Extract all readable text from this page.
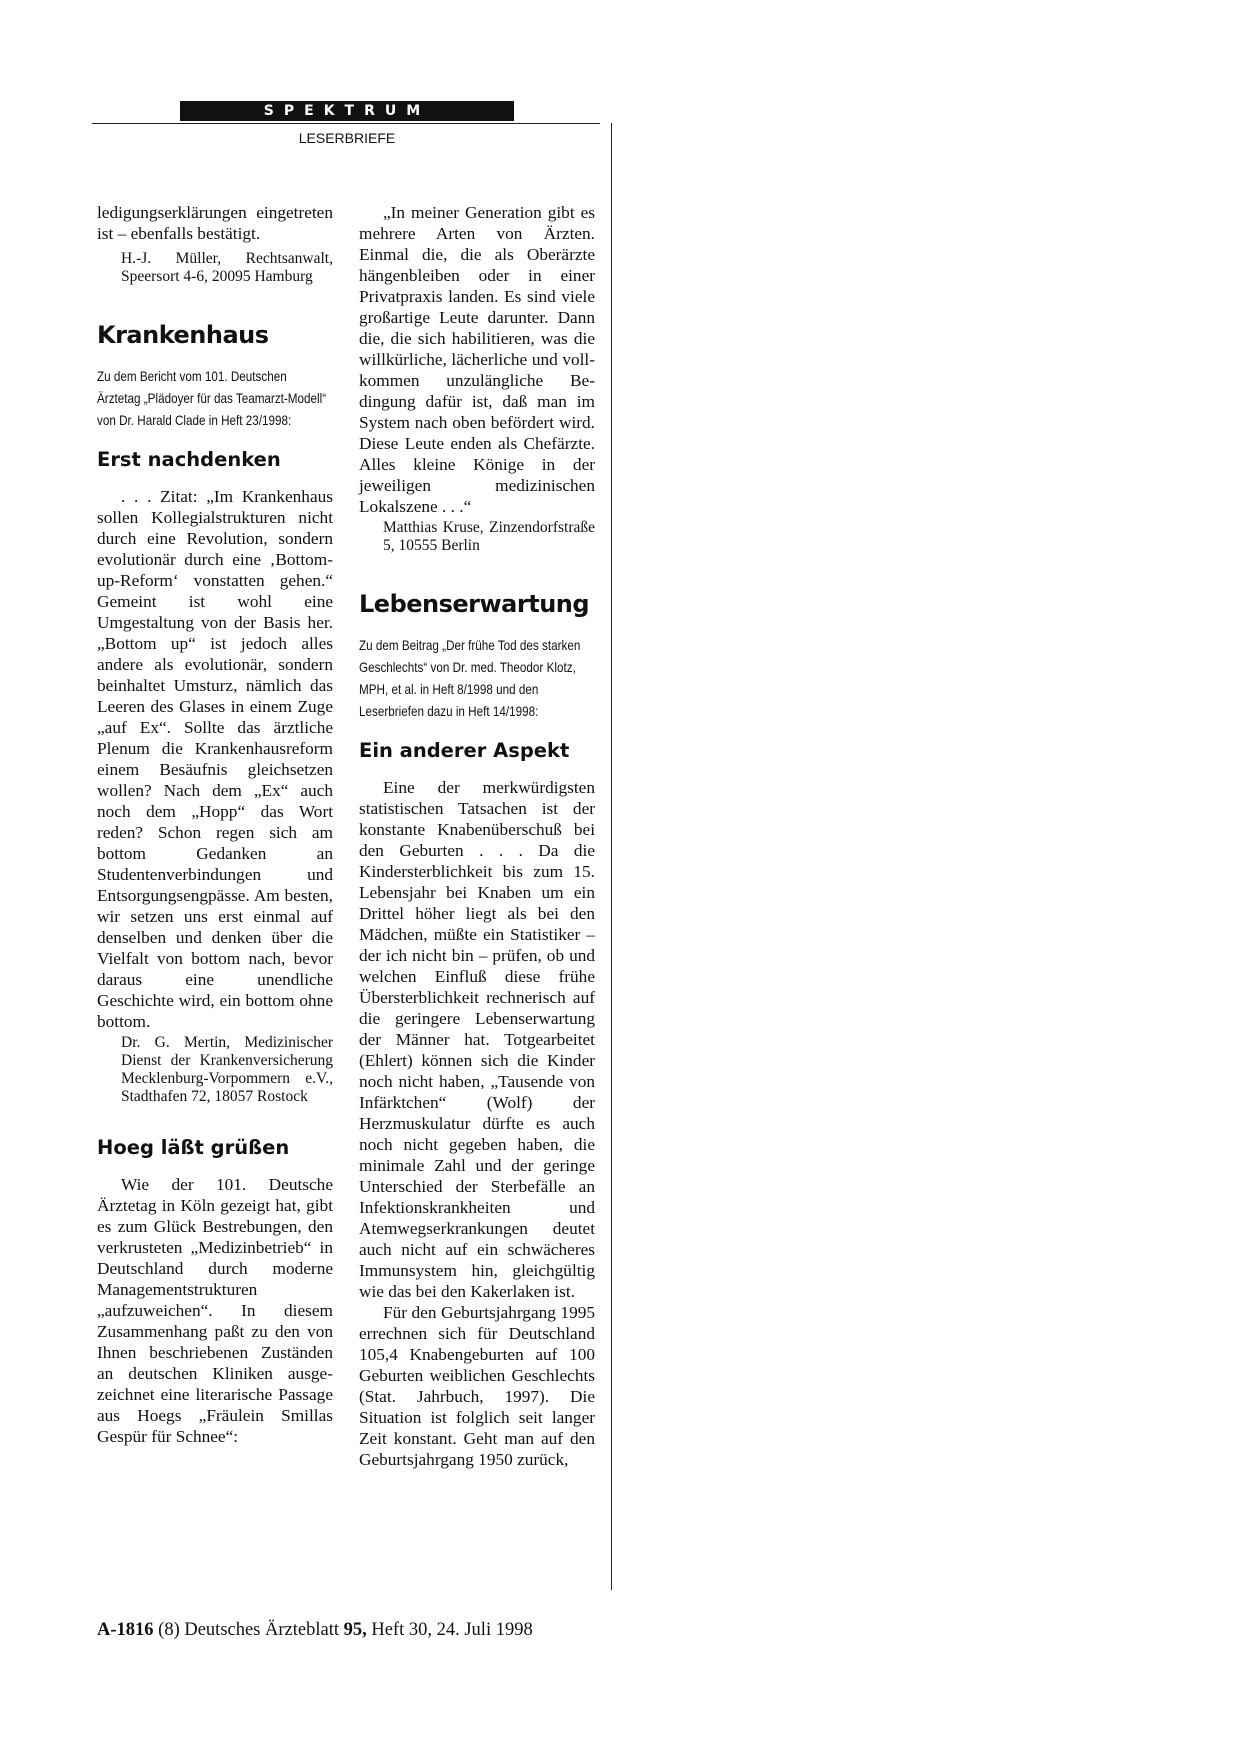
SPEKTRUM
LESERBRIEFE

ledigungserklärungen eingetreten ist – ebenfalls bestätigt.

H.-J. Müller, Rechtsanwalt, Speersort 4-6, 20095 Hamburg

Krankenhaus

Zu dem Bericht vom 101. Deutschen Ärztetag „Plädoyer für das Teamarzt-Modell“ von Dr. Harald Clade in Heft 23/1998:

Erst nachdenken

. . . Zitat: „Im Krankenhaus sollen Kollegialstrukturen nicht durch eine Revolution, sondern evolutionär durch eine ‚Bottom-up-Reform‘ vonstatten gehen.“ Gemeint ist wohl eine Umgestaltung von der Basis her. „Bottom up“ ist jedoch alles andere als evolutionär, sondern beinhaltet Umsturz, nämlich das Leeren des Glases in einem Zuge „auf Ex“. Sollte das ärztliche Plenum die Krankenhausreform einem Besäufnis gleichsetzen wollen? Nach dem „Ex“ auch noch dem „Hopp“ das Wort reden? Schon regen sich am bottom Gedanken an Studentenverbindungen und Entsorgungsengpässe. Am besten, wir setzen uns erst einmal auf denselben und denken über die Vielfalt von bottom nach, bevor daraus eine unendliche Geschichte wird, ein bottom ohne bottom.

Dr. G. Mertin, Medizinischer Dienst der Krankenversicherung Mecklenburg-Vorpommern e.V., Stadthafen 72, 18057 Rostock

Hoeg läßt grüßen

Wie der 101. Deutsche Ärztetag in Köln gezeigt hat, gibt es zum Glück Bestrebungen, den verkrusteten „Medizinbetrieb“ in Deutschland durch moderne Managementstrukturen „aufzuweichen“. In diesem Zusammenhang paßt zu den von Ihnen beschriebenen Zuständen an deutschen Kliniken ausgezeichnet eine literarische Passage aus Hoegs „Fräulein Smillas Gespür für Schnee“:

„In meiner Generation gibt es mehrere Arten von Ärzten. Einmal die, die als Oberärzte hängenbleiben oder in einer Privatpraxis landen. Es sind viele großartige Leute darunter. Dann die, die sich habilitieren, was die willkürliche, lächerliche und vollkommen unzulängliche Bedingung dafür ist, daß man im System nach oben befördert wird. Diese Leute enden als Chefärzte. Alles kleine Könige in der jeweiligen medizinischen Lokalszene . . .“

Matthias Kruse, Zinzendorfstraße 5, 10555 Berlin

Lebenserwartung

Zu dem Beitrag „Der frühe Tod des starken Geschlechts“ von Dr. med. Theodor Klotz, MPH, et al. in Heft 8/1998 und den Leserbriefen dazu in Heft 14/1998:

Ein anderer Aspekt

Eine der merkwürdigsten statistischen Tatsachen ist der konstante Knabenüberschuß bei den Geburten . . . Da die Kindersterblichkeit bis zum 15. Lebensjahr bei Knaben um ein Drittel höher liegt als bei den Mädchen, müßte ein Statistiker – der ich nicht bin – prüfen, ob und welchen Einfluß diese frühe Übersterblichkeit rechnerisch auf die geringere Lebenserwartung der Männer hat. Totgearbeitet (Ehlert) können sich die Kinder noch nicht haben, „Tausende von Infärktchen“ (Wolf) der Herzmuskulatur dürfte es auch noch nicht gegeben haben, die minimale Zahl und der geringe Unterschied der Sterbefälle an Infektionskrankheiten und Atemwegserkrankungen deutet auch nicht auf ein schwächeres Immunsystem hin, gleichgültig wie das bei den Kakerlaken ist.

Für den Geburtsjahrgang 1995 errechnen sich für Deutschland 105,4 Knabengeburten auf 100 Geburten weiblichen Geschlechts (Stat. Jahrbuch, 1997). Die Situation ist folglich seit langer Zeit konstant. Geht man auf den Geburtsjahrgang 1950 zurück,

A-1816 (8) Deutsches Ärzteblatt 95, Heft 30, 24. Juli 1998
